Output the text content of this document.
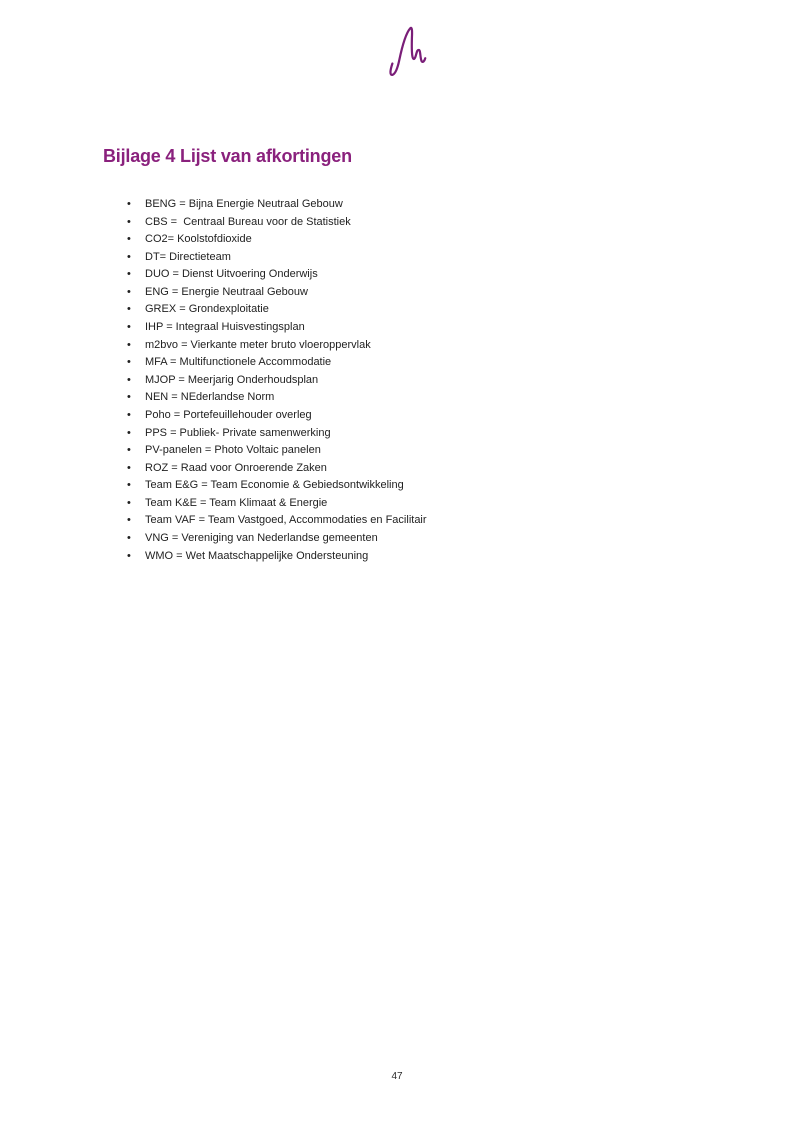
Bijlage 4 Lijst van afkortingen
• BENG = Bijna Energie Neutraal Gebouw
• CBS =  Centraal Bureau voor de Statistiek
• CO2= Koolstofdioxide
• DT= Directieteam
• DUO = Dienst Uitvoering Onderwijs
• ENG = Energie Neutraal Gebouw
• GREX = Grondexploitatie
• IHP = Integraal Huisvestingsplan
• m2bvo = Vierkante meter bruto vloeroppervlak
• MFA = Multifunctionele Accommodatie
• MJOP = Meerjarig Onderhoudsplan
• NEN = NEderlandse Norm
• Poho = Portefeuillehouder overleg
• PPS = Publiek- Private samenwerking
• PV-panelen = Photo Voltaic panelen
• ROZ = Raad voor Onroerende Zaken
• Team E&G = Team Economie & Gebiedsontwikkeling
• Team K&E = Team Klimaat & Energie
• Team VAF = Team Vastgoed, Accommodaties en Facilitair
• VNG = Vereniging van Nederlandse gemeenten
• WMO = Wet Maatschappelijke Ondersteuning
47
